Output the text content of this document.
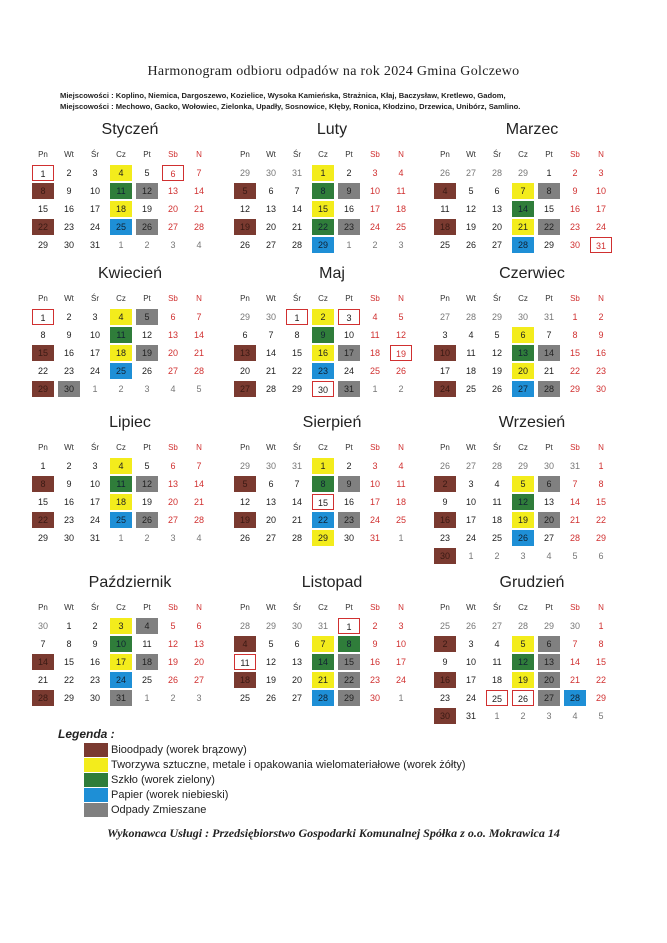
Harmonogram odbioru odpadów na rok 2024 Gmina Golczewo
Miejscowości : Koplino, Niemica, Dargoszewo, Kozielice, Wysoka Kamieńska, Strażnica, Kłaj, Baczysław, Kretlewo, Gadom,
Miejscowości : Mechowo, Gacko, Wołowiec, Zielonka, Upadły, Sosnowice, Kłęby, Ronica, Kłodzino, Drzewica, Unibórz, Samlino.
Styczeń
Pn	Wt	Śr	Cz	Pt	Sb	N
1	2	3	4	5	6	7
8	9	10	11	12	13	14
15	16	17	18	19	20	21
22	23	24	25	26	27	28
29	30	31	1	2	3	4
Luty
Pn	Wt	Śr	Cz	Pt	Sb	N
29	30	31	1	2	3	4
5	6	7	8	9	10	11
12	13	14	15	16	17	18
19	20	21	22	23	24	25
26	27	28	29	1	2	3
Marzec
Pn	Wt	Śr	Cz	Pt	Sb	N
26	27	28	29	1	2	3
4	5	6	7	8	9	10
11	12	13	14	15	16	17
18	19	20	21	22	23	24
25	26	27	28	29	30	31
Kwiecień
Pn	Wt	Śr	Cz	Pt	Sb	N
1	2	3	4	5	6	7
8	9	10	11	12	13	14
15	16	17	18	19	20	21
22	23	24	25	26	27	28
29	30	1	2	3	4	5
Maj
Pn	Wt	Śr	Cz	Pt	Sb	N
29	30	1	2	3	4	5
6	7	8	9	10	11	12
13	14	15	16	17	18	19
20	21	22	23	24	25	26
27	28	29	30	31	1	2
Czerwiec
Pn	Wt	Śr	Cz	Pt	Sb	N
27	28	29	30	31	1	2
3	4	5	6	7	8	9
10	11	12	13	14	15	16
17	18	19	20	21	22	23
24	25	26	27	28	29	30
Lipiec
Pn	Wt	Śr	Cz	Pt	Sb	N
1	2	3	4	5	6	7
8	9	10	11	12	13	14
15	16	17	18	19	20	21
22	23	24	25	26	27	28
29	30	31	1	2	3	4
Sierpień
Pn	Wt	Śr	Cz	Pt	Sb	N
29	30	31	1	2	3	4
5	6	7	8	9	10	11
12	13	14	15	16	17	18
19	20	21	22	23	24	25
26	27	28	29	30	31	1
Wrzesień
Pn	Wt	Śr	Cz	Pt	Sb	N
26	27	28	29	30	31	1
2	3	4	5	6	7	8
9	10	11	12	13	14	15
16	17	18	19	20	21	22
23	24	25	26	27	28	29
30	1	2	3	4	5	6
Październik
Pn	Wt	Śr	Cz	Pt	Sb	N
30	1	2	3	4	5	6
7	8	9	10	11	12	13
14	15	16	17	18	19	20
21	22	23	24	25	26	27
28	29	30	31	1	2	3
Listopad
Pn	Wt	Śr	Cz	Pt	Sb	N
28	29	30	31	1	2	3
4	5	6	7	8	9	10
11	12	13	14	15	16	17
18	19	20	21	22	23	24
25	26	27	28	29	30	1
Grudzień
Pn	Wt	Śr	Cz	Pt	Sb	N
25	26	27	28	29	30	1
2	3	4	5	6	7	8
9	10	11	12	13	14	15
16	17	18	19	20	21	22
23	24	25	26	27	28	29
30	31	1	2	3	4	5
Legenda :
Bioodpady (worek brązowy)
Tworzywa sztuczne, metale i opakowania wielomateriałowe (worek żółty)
Szkło (worek zielony)
Papier (worek niebieski)
Odpady Zmieszane
Wykonawca Usługi : Przedsiębiorstwo Gospodarki Komunalnej Spółka z o.o. Mokrawica 14
